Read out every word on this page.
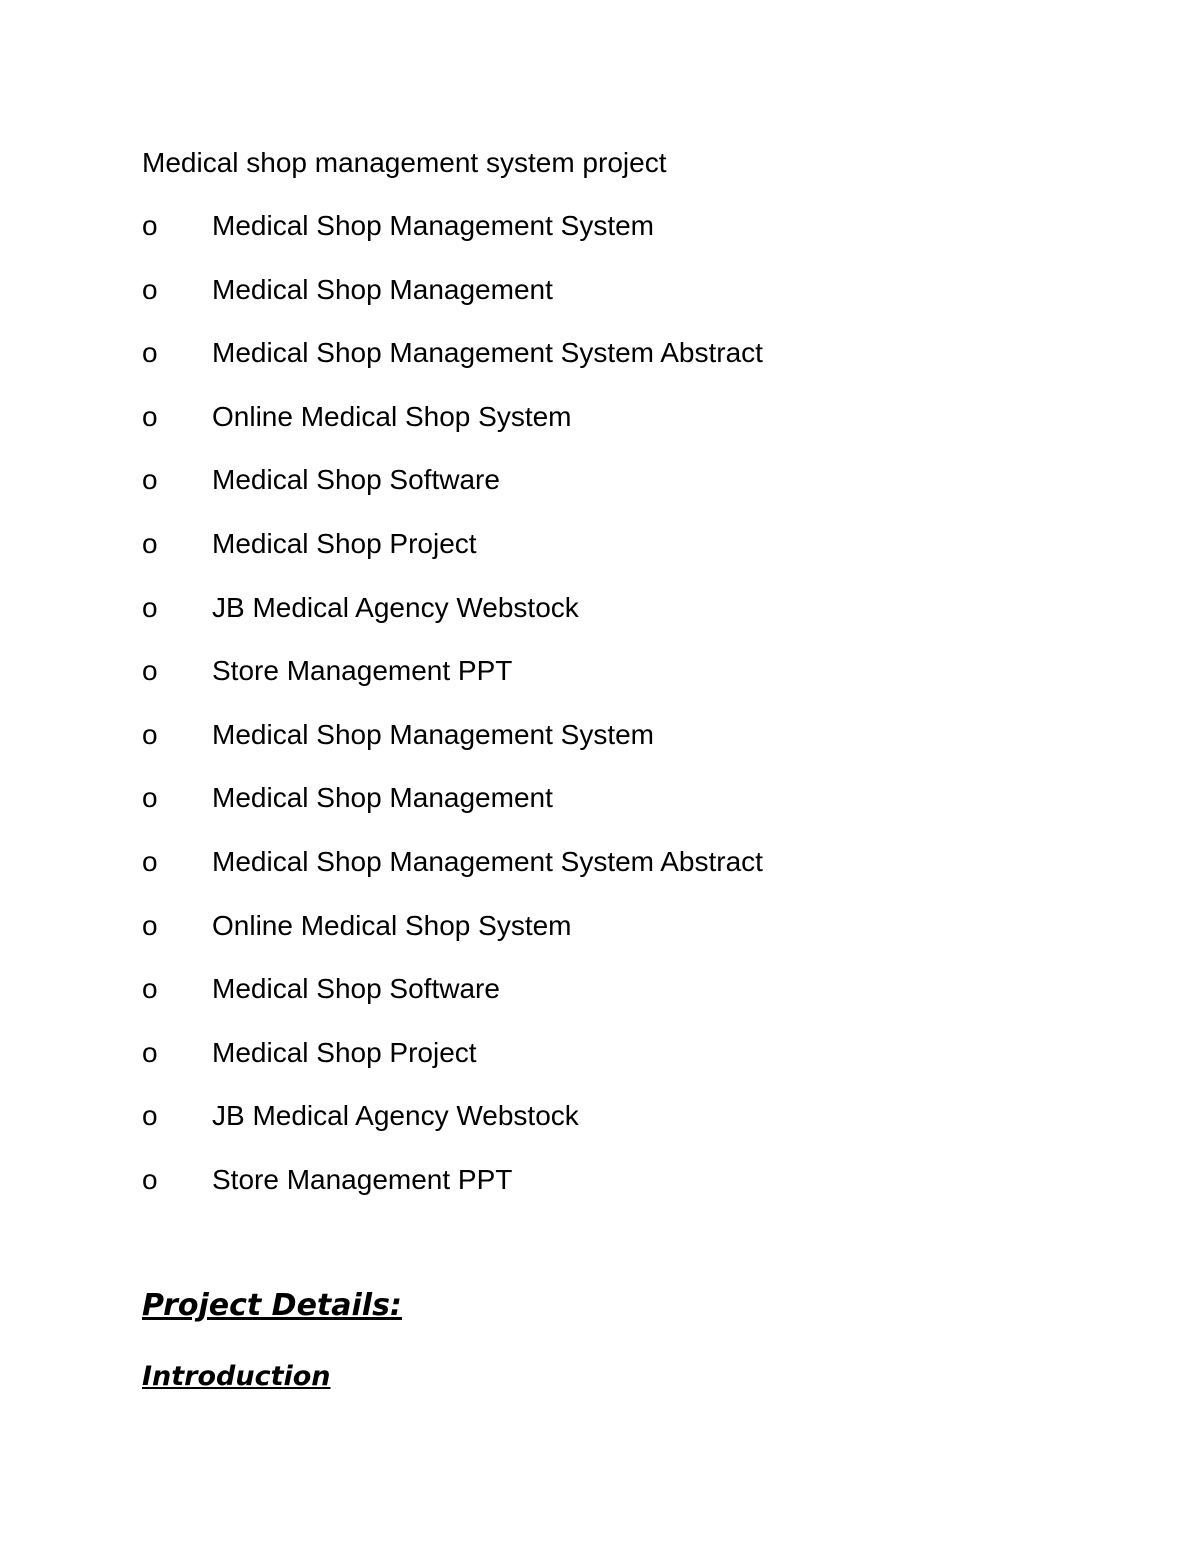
Medical shop management system project
o	Medical Shop Management System
o	Medical Shop Management
o	Medical Shop Management System Abstract
o	Online Medical Shop System
o	Medical Shop Software
o	Medical Shop Project
o	JB Medical Agency Webstock
o	Store Management PPT
o	Medical Shop Management System
o	Medical Shop Management
o	Medical Shop Management System Abstract
o	Online Medical Shop System
o	Medical Shop Software
o	Medical Shop Project
o	JB Medical Agency Webstock
o	Store Management PPT
Project Details:
Introduction
